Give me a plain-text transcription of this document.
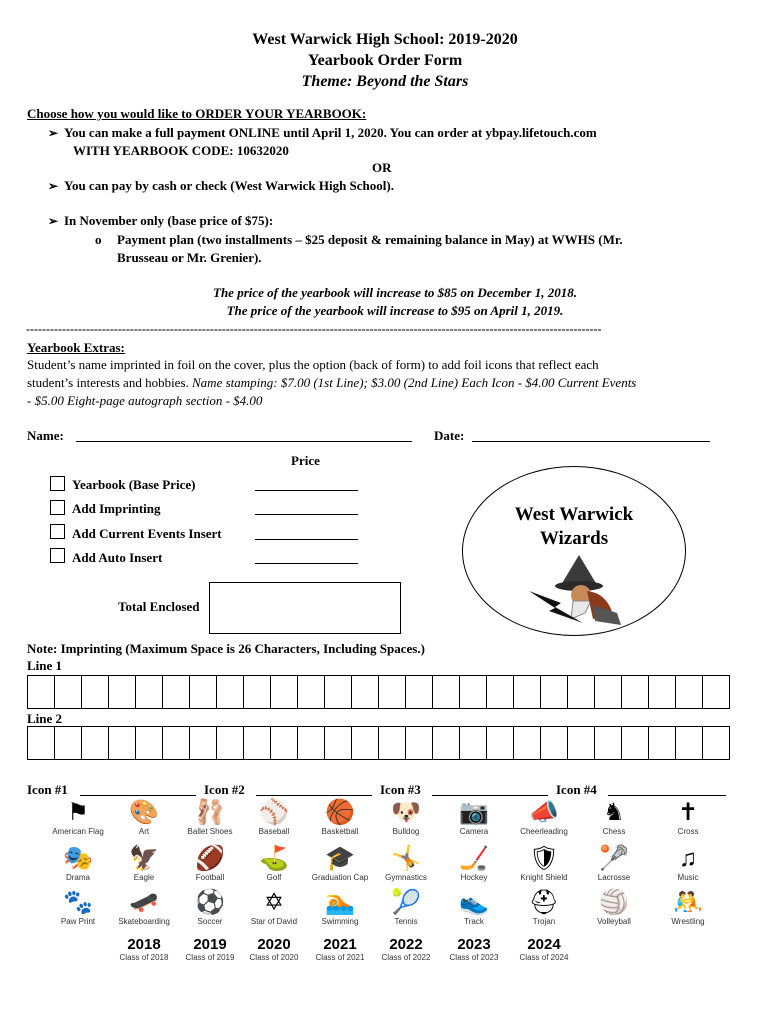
West Warwick High School: 2019-2020
Yearbook Order Form
Theme: Beyond the Stars
Choose how you would like to ORDER YOUR YEARBOOK:
➢ You can make a full payment ONLINE until April 1, 2020. You can order at ybpay.lifetouch.com
WITH YEARBOOK CODE: 10632020
OR
➢ You can pay by cash or check (West Warwick High School).
➢ In November only (base price of $75):
o Payment plan (two installments – $25 deposit & remaining balance in May) at WWHS (Mr.
Brusseau or Mr. Grenier).
The price of the yearbook will increase to $85 on December 1, 2018.
The price of the yearbook will increase to $95 on April 1, 2019.
------------------------------------------------------------------------------------------------------------------------------------------------
Yearbook Extras:
Student’s name imprinted in foil on the cover, plus the option (back of form) to add foil icons that reflect each
student’s interests and hobbies. Name stamping: $7.00 (1st Line); $3.00 (2nd Line) Each Icon - $4.00 Current Events
- $5.00 Eight-page autograph section - $4.00
Name:	Date:
Price
Yearbook (Base Price)
Add Imprinting
Add Current Events Insert
Add Auto Insert
Total Enclosed
West Warwick
Wizards
Note: Imprinting (Maximum Space is 26 Characters, Including Spaces.)
Line 1
Line 2
Icon #1	Icon #2	Icon #3	Icon #4
⚑
American Flag
🎨
Art
🩰
Ballet Shoes
⚾
Baseball
🏀
Basketball
🐶
Bulldog
📷
Camera
📣
Cheerleading
♞
Chess
✝
Cross
🎭
Drama
🦅
Eagle
🏈
Football
⛳
Golf
🎓
Graduation Cap
🤸
Gymnastics
🏒
Hockey
🛡
Knight Shield
🥍
Lacrosse
♫
Music
🐾
Paw Print
🛹
Skateboarding
⚽
Soccer
✡
Star of David
🏊
Swimming
🎾
Tennis
👟
Track
⛑
Trojan
🏐
Volleyball
🤼
Wrestling
2018
Class of 2018
2019
Class of 2019
2020
Class of 2020
2021
Class of 2021
2022
Class of 2022
2023
Class of 2023
2024
Class of 2024
